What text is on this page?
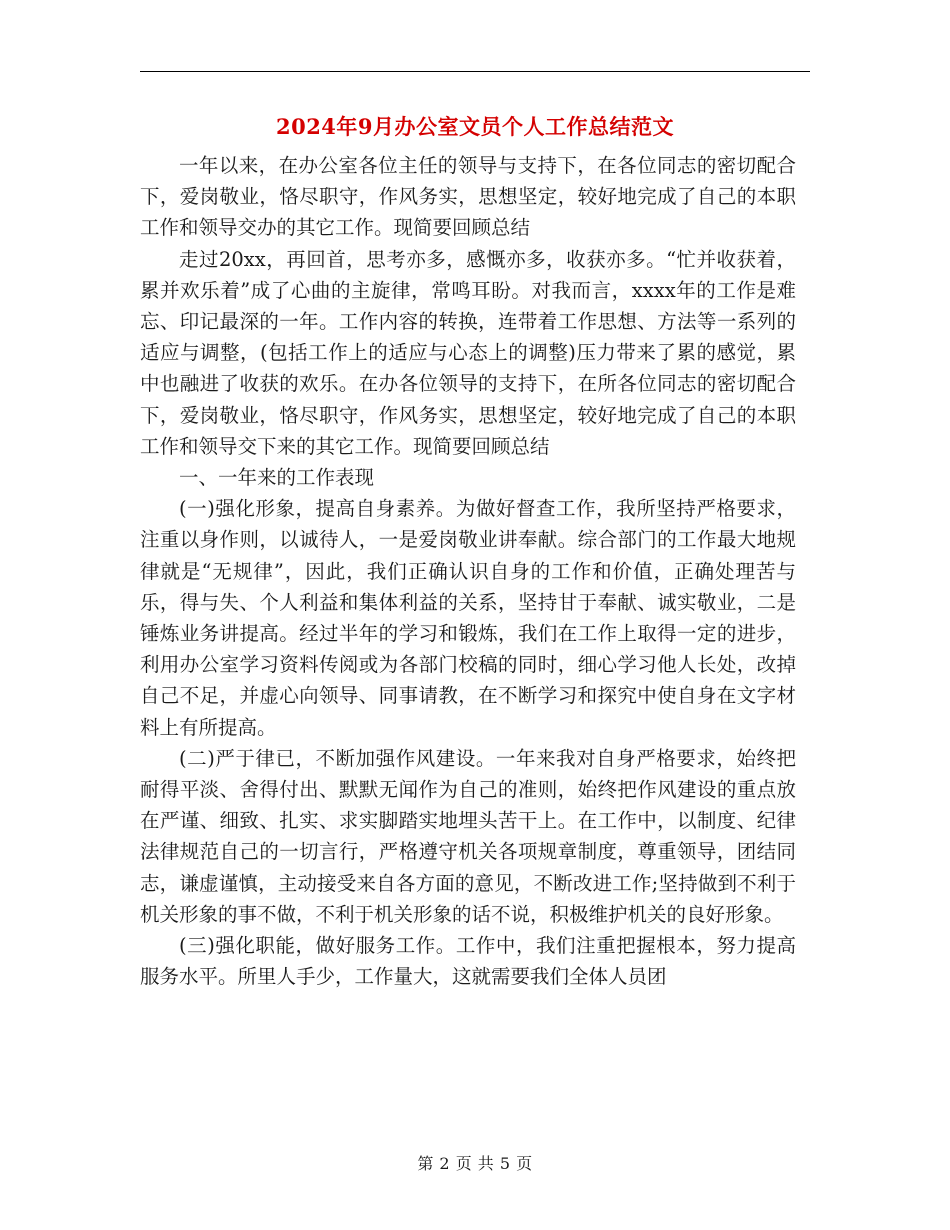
2024年9月办公室文员个人工作总结范文

一年以来，在办公室各位主任的领导与支持下，在各位同志的密切配合下，爱岗敬业，恪尽职守，作风务实，思想坚定，较好地完成了自己的本职工作和领导交办的其它工作。现简要回顾总结

走过20xx，再回首，思考亦多，感慨亦多，收获亦多。“忙并收获着，累并欢乐着”成了心曲的主旋律，常鸣耳盼。对我而言，xxxx年的工作是难忘、印记最深的一年。工作内容的转换，连带着工作思想、方法等一系列的适应与调整，(包括工作上的适应与心态上的调整)压力带来了累的感觉，累中也融进了收获的欢乐。在办各位领导的支持下，在所各位同志的密切配合下，爱岗敬业，恪尽职守，作风务实，思想坚定，较好地完成了自己的本职工作和领导交下来的其它工作。现简要回顾总结

一、一年来的工作表现

(一)强化形象，提高自身素养。为做好督查工作，我所坚持严格要求，注重以身作则，以诚待人，一是爱岗敬业讲奉献。综合部门的工作最大地规律就是“无规律”，因此，我们正确认识自身的工作和价值，正确处理苦与乐，得与失、个人利益和集体利益的关系，坚持甘于奉献、诚实敬业，二是锤炼业务讲提高。经过半年的学习和锻炼，我们在工作上取得一定的进步，利用办公室学习资料传阅或为各部门校稿的同时，细心学习他人长处，改掉自己不足，并虚心向领导、同事请教，在不断学习和探究中使自身在文字材料上有所提高。

(二)严于律已，不断加强作风建设。一年来我对自身严格要求，始终把耐得平淡、舍得付出、默默无闻作为自己的准则，始终把作风建设的重点放在严谨、细致、扎实、求实脚踏实地埋头苦干上。在工作中，以制度、纪律法律规范自己的一切言行，严格遵守机关各项规章制度，尊重领导，团结同志，谦虚谨慎，主动接受来自各方面的意见，不断改进工作;坚持做到不利于机关形象的事不做，不利于机关形象的话不说，积极维护机关的良好形象。

(三)强化职能，做好服务工作。工作中，我们注重把握根本，努力提高服务水平。所里人手少，工作量大，这就需要我们全体人员团

第 2 页 共 5 页
